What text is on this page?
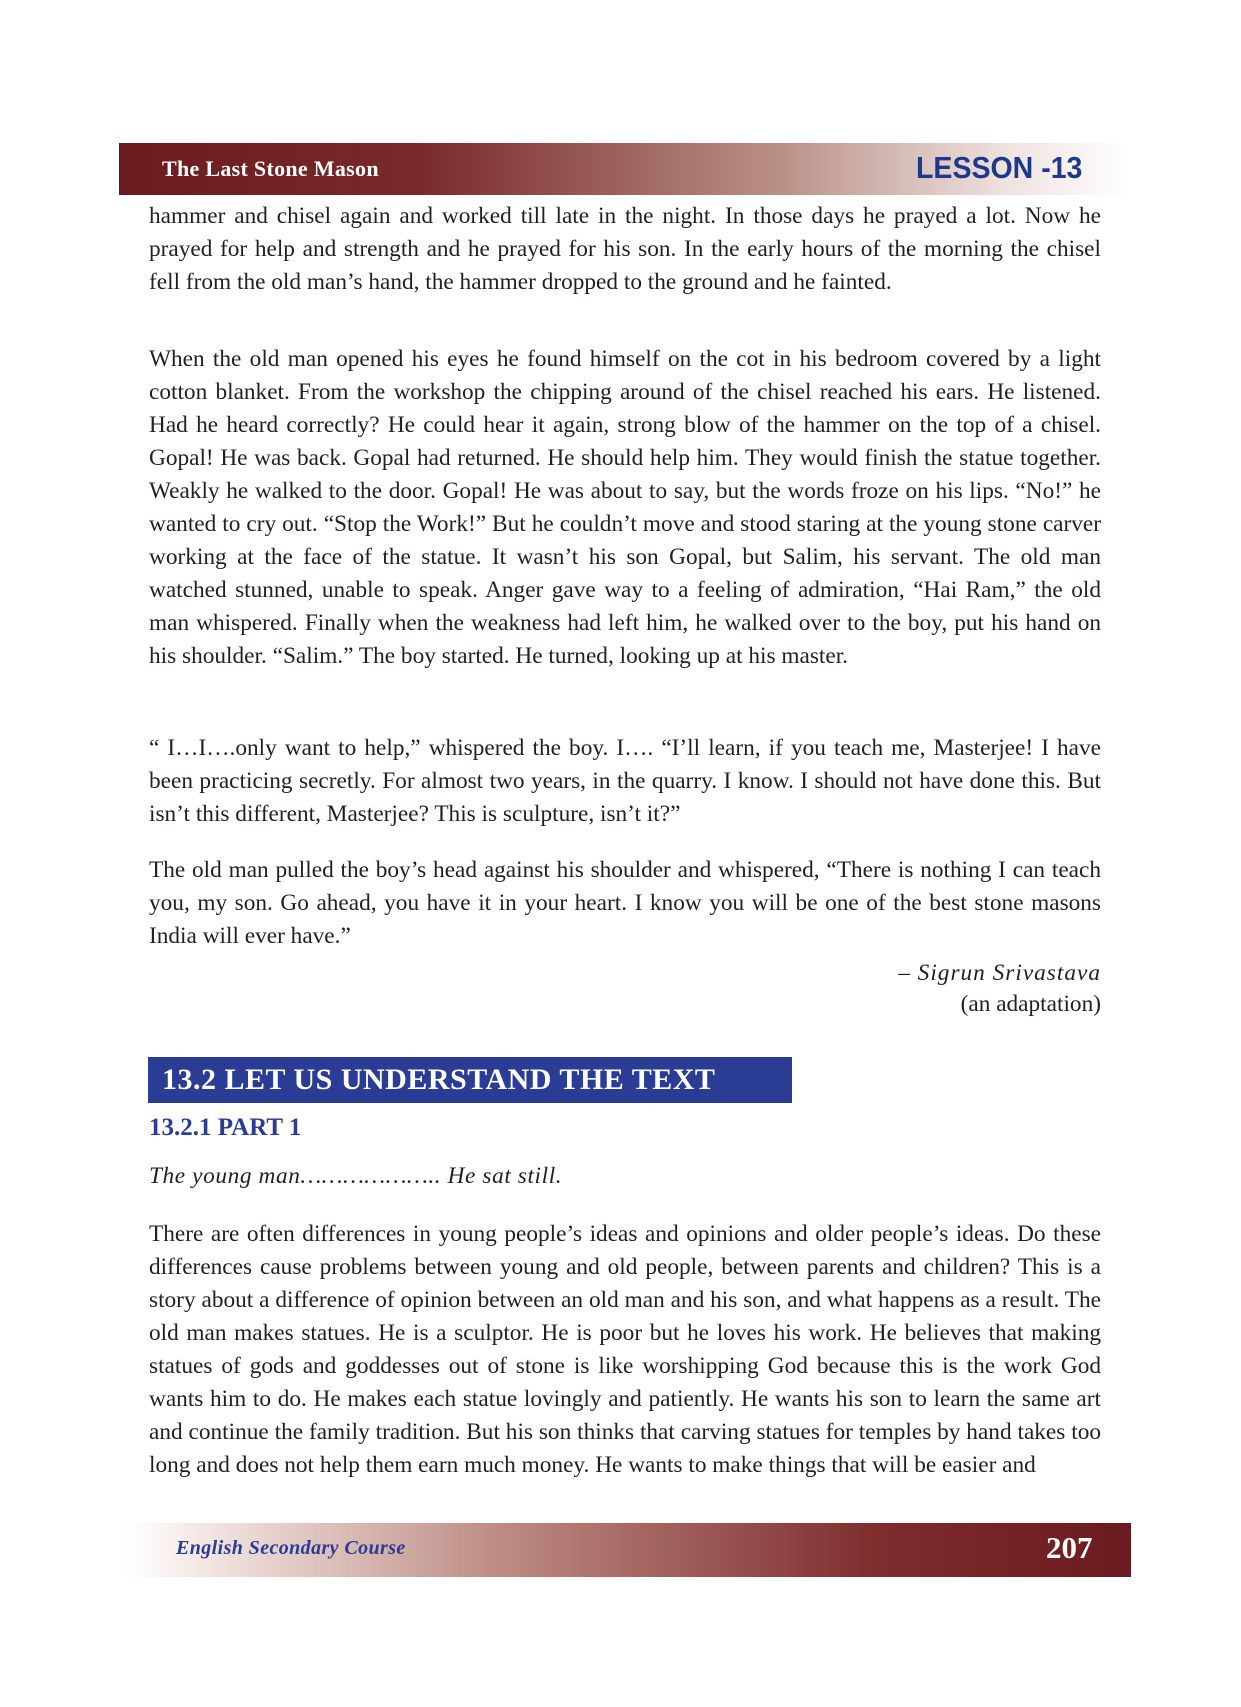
The Last Stone Mason	LESSON -13

hammer and chisel again and worked till late in the night. In those days he prayed a lot. Now he prayed for help and strength and he prayed for his son. In the early hours of the morning the chisel fell from the old man’s hand, the hammer dropped to the ground and he fainted.

When the old man opened his eyes he found himself on the cot in his bedroom covered by a light cotton blanket. From the workshop the chipping around of the chisel reached his ears. He listened. Had he heard correctly? He could hear it again, strong blow of the hammer on the top of a chisel. Gopal! He was back. Gopal had returned. He should help him. They would finish the statue together. Weakly he walked to the door. Gopal! He was about to say, but the words froze on his lips. “No!” he wanted to cry out. “Stop the Work!” But he couldn’t move and stood staring at the young stone carver working at the face of the statue. It wasn’t his son Gopal, but Salim, his servant. The old man watched stunned, unable to speak. Anger gave way to a feeling of admiration, “Hai Ram,” the old man whispered. Finally when the weakness had left him, he walked over to the boy, put his hand on his shoulder. “Salim.” The boy started. He turned, looking up at his master.

“ I…I….only want to help,” whispered the boy. I…. “I’ll learn, if you teach me, Masterjee! I have been practicing secretly. For almost two years, in the quarry. I know. I should not have done this. But isn’t this different, Masterjee? This is sculpture, isn’t it?”

The old man pulled the boy’s head against his shoulder and whispered, “There is nothing I can teach you, my son. Go ahead, you have it in your heart. I know you will be one of the best stone masons India will ever have.”

– Sigrun Srivastava
(an adaptation)
13.2 LET US UNDERSTAND THE TEXT
13.2.1 PART 1
The young man……………….. He sat still.

There are often differences in young people’s ideas and opinions and older people’s ideas. Do these differences cause problems between young and old people, between parents and children? This is a story about a difference of opinion between an old man and his son, and what happens as a result. The old man makes statues. He is a sculptor. He is poor but he loves his work. He believes that making statues of gods and goddesses out of stone is like worshipping God because this is the work God wants him to do. He makes each statue lovingly and patiently. He wants his son to learn the same art and continue the family tradition. But his son thinks that carving statues for temples by hand takes too long and does not help them earn much money. He wants to make things that will be easier and

English Secondary Course	207
